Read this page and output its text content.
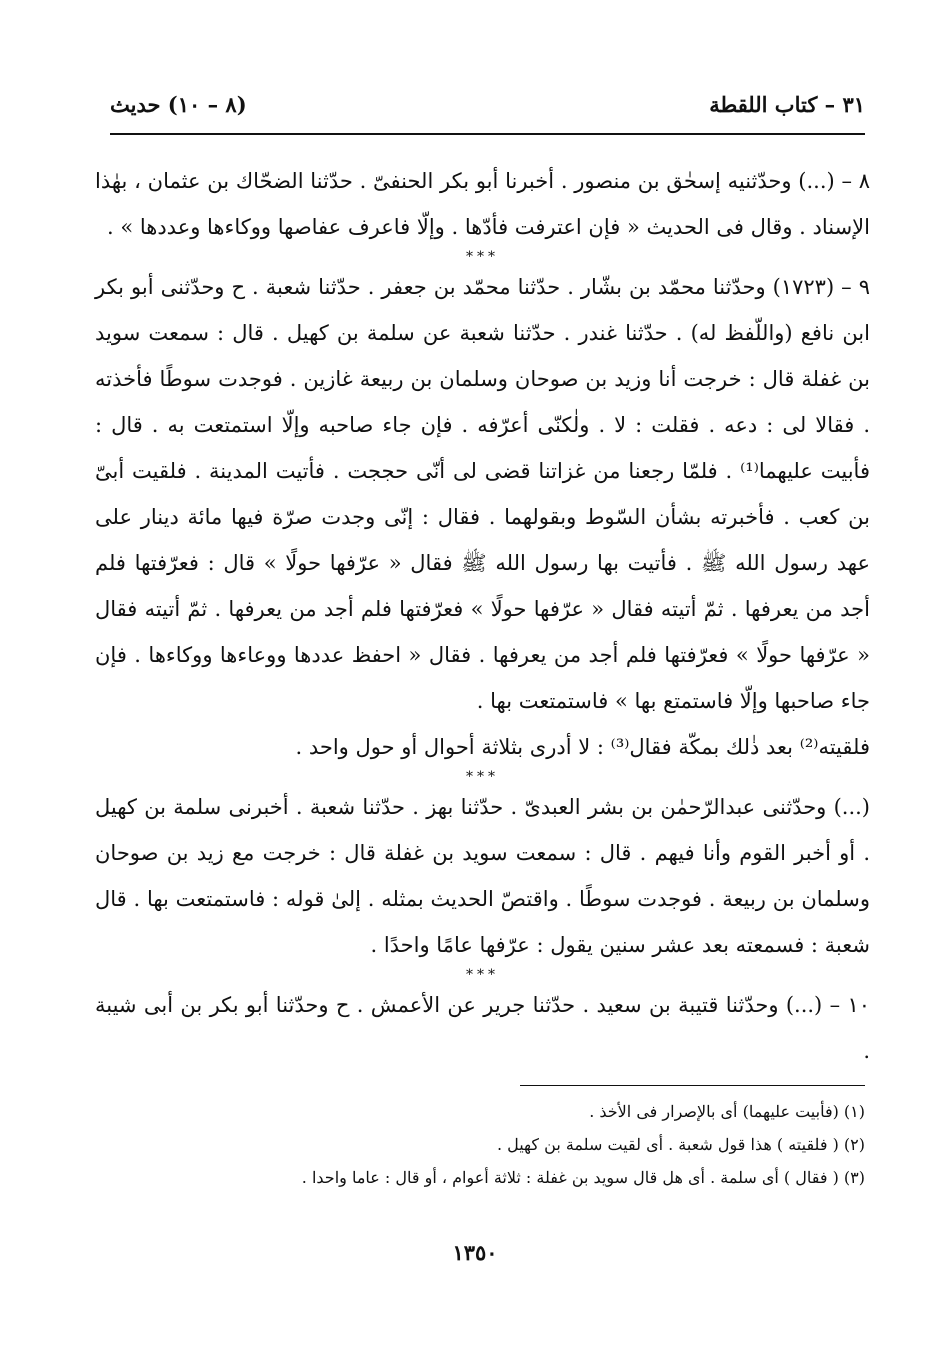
٣١ – كتاب اللقطة
(٨ – ١٠) حديث

٨ – (...) وحدّثنيه إسحٰق بن منصور . أخبرنا أبو بكر الحنفىّ . حدّثنا الضحّاك بن عثمان ، بهٰذا الإسناد . وقال فى الحديث « فإن اعترفت فأدّها . وإلّا فاعرف عفاصها ووكاءها وعددها » .

***

٩ – (١٧٢٣) وحدّثنا محمّد بن بشّار . حدّثنا محمّد بن جعفر . حدّثنا شعبة . ح وحدّثنى أبو بكر ابن نافع (واللّفظ له) . حدّثنا غندر . حدّثنا شعبة عن سلمة بن كهيل . قال : سمعت سويد بن غفلة قال : خرجت أنا وزيد بن صوحان وسلمان بن ربيعة غازين . فوجدت سوطًا فأخذته . فقالا لى : دعه . فقلت : لا . ولٰكنّى أعرّفه . فإن جاء صاحبه وإلّا استمتعت به . قال : فأبيت عليهما⁽¹⁾ . فلمّا رجعنا من غزاتنا قضى لى أنّى حججت . فأتيت المدينة . فلقيت أبىّ بن كعب . فأخبرته بشأن السّوط وبقولهما . فقال : إنّى وجدت صرّة فيها مائة دينار على عهد رسول الله ﷺ . فأتيت بها رسول الله ﷺ فقال « عرّفها حولًا » قال : فعرّفتها فلم أجد من يعرفها . ثمّ أتيته فقال « عرّفها حولًا » فعرّفتها فلم أجد من يعرفها . ثمّ أتيته فقال « عرّفها حولًا » فعرّفتها فلم أجد من يعرفها . فقال « احفظ عددها ووعاءها ووكاءها . فإن جاء صاحبها وإلّا فاستمتع بها » فاستمتعت بها .

فلقيته⁽²⁾ بعد ذٰلك بمكّة فقال⁽³⁾ : لا أدرى بثلاثة أحوال أو حول واحد .

***

(...) وحدّثنى عبدالرّحمٰن بن بشر العبدىّ . حدّثنا بهز . حدّثنا شعبة . أخبرنى سلمة بن كهيل . أو أخبر القوم وأنا فيهم . قال : سمعت سويد بن غفلة قال : خرجت مع زيد بن صوحان وسلمان بن ربيعة . فوجدت سوطًا . واقتصّ الحديث بمثله . إلىٰ قوله : فاستمتعت بها . قال شعبة : فسمعته بعد عشر سنين يقول : عرّفها عامًا واحدًا .

***

١٠ – (...) وحدّثنا قتيبة بن سعيد . حدّثنا جرير عن الأعمش . ح وحدّثنا أبو بكر بن أبى شيبة .

(١) (فأبيت عليهما) أى بالإصرار فى الأخذ .

(٢) ( فلقيته ) هذا قول شعبة . أى لقيت سلمة بن كهيل .

(٣) ( فقال ) أى سلمة . أى هل قال سويد بن غفلة : ثلاثة أعوام ، أو قال : عاما واحدا .

١٣٥٠
